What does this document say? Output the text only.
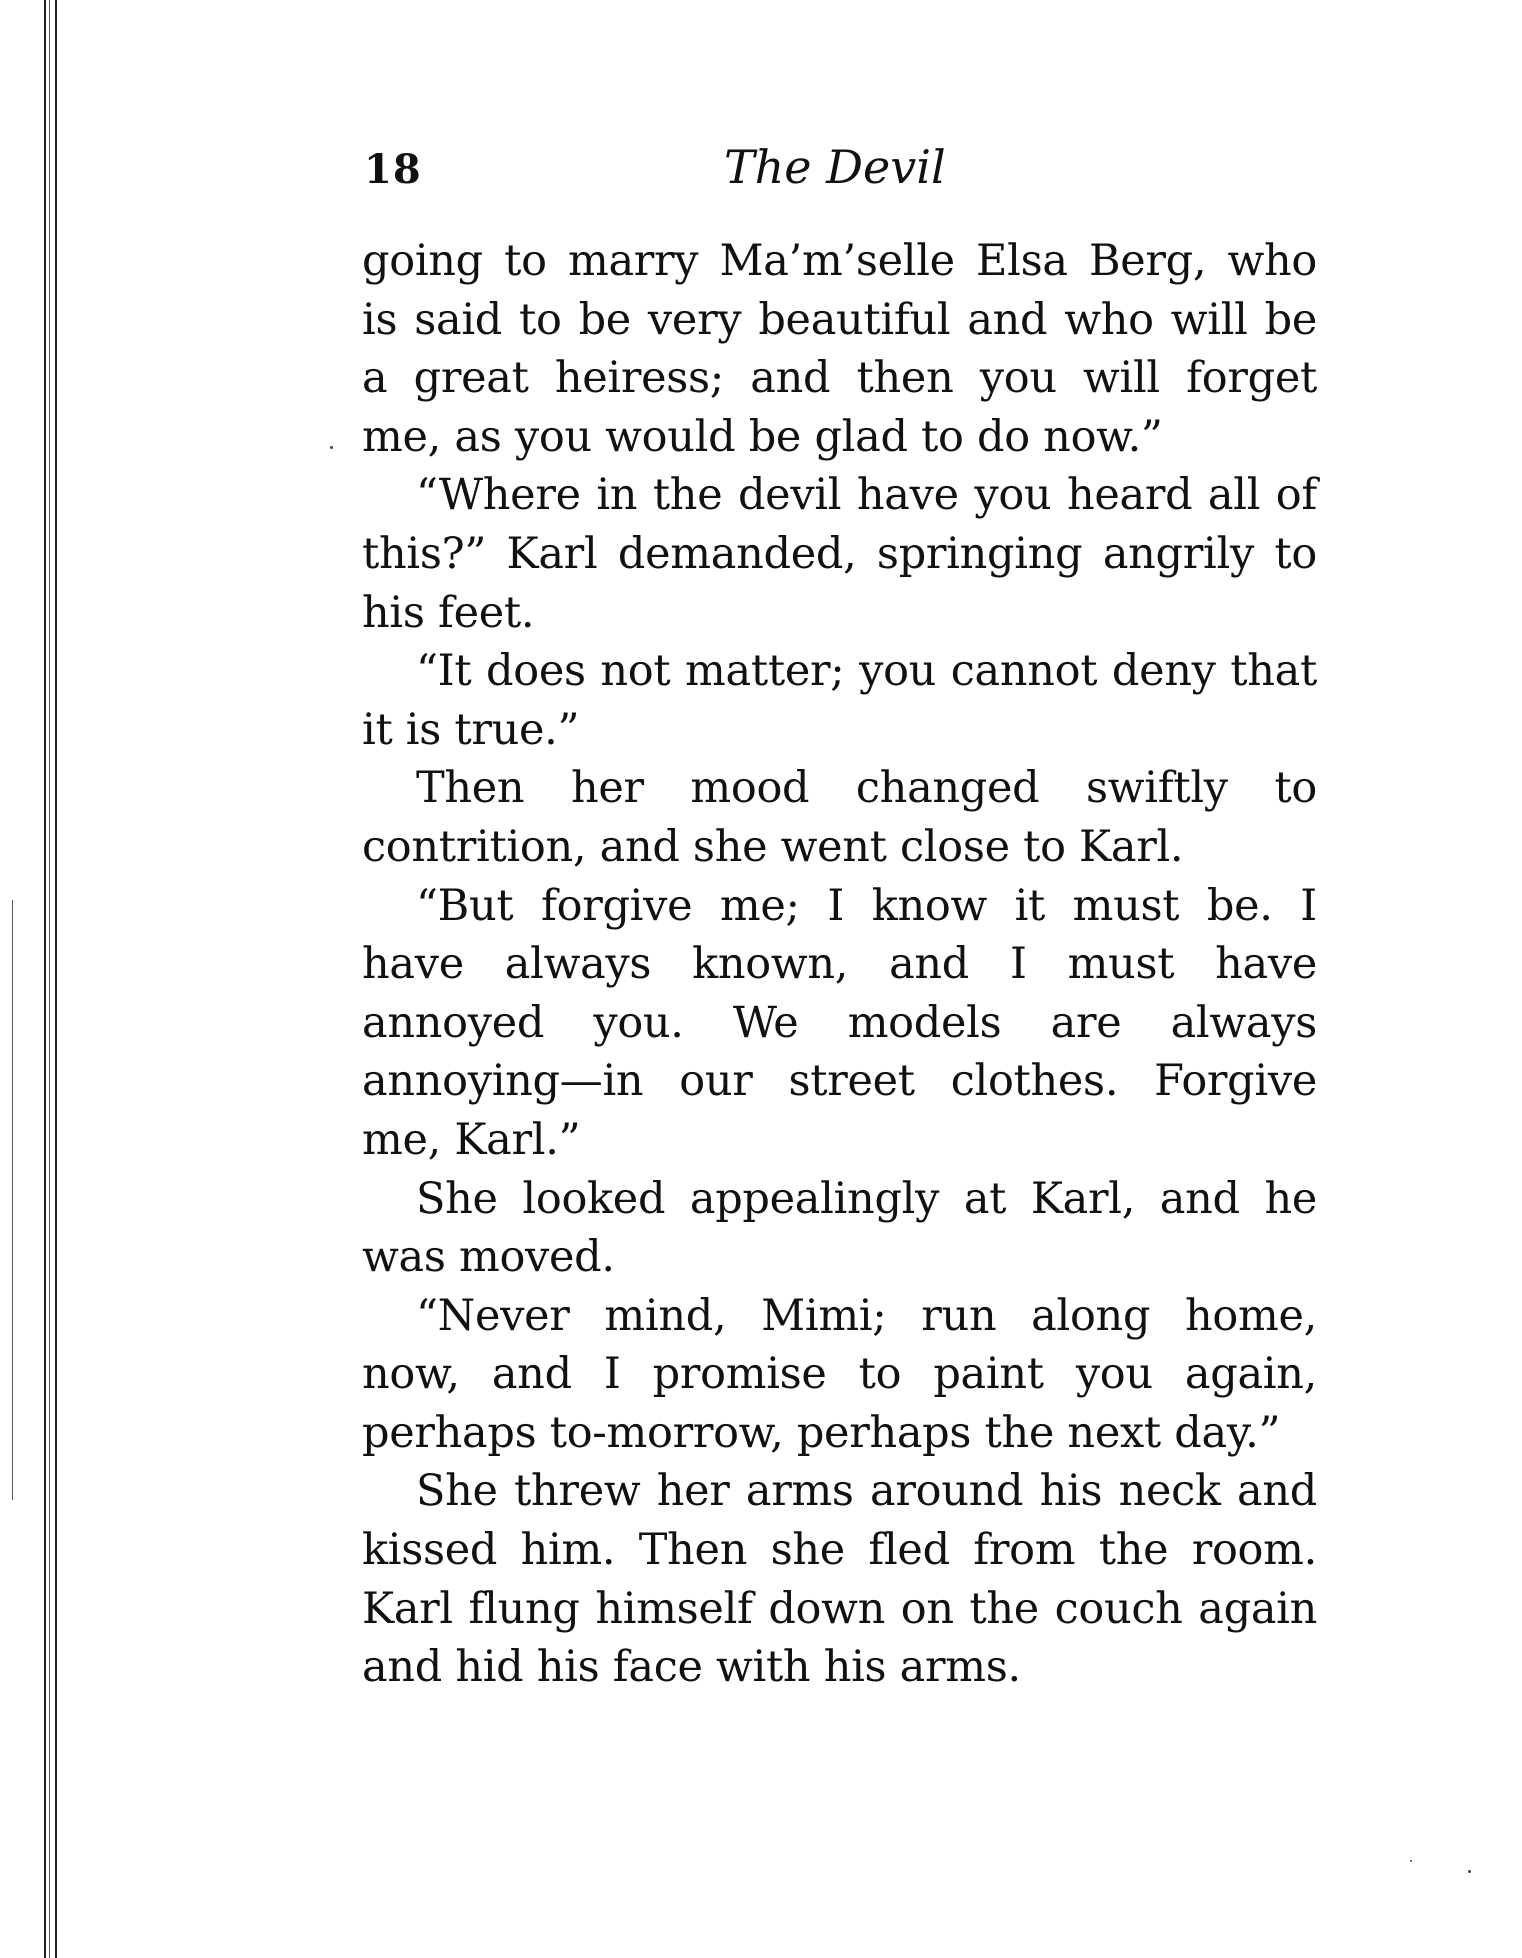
18	The Devil

going to marry Ma’m’selle Elsa Berg, who is said to be very beautiful and who will be a great heiress; and then you will forget me, as you would be glad to do now.”

“Where in the devil have you heard all of this?” Karl demanded, springing angrily to his feet.

“It does not matter; you cannot deny that it is true.”

Then her mood changed swiftly to contrition, and she went close to Karl.

“But forgive me; I know it must be. I have always known, and I must have annoyed you. We models are always annoying—in our street clothes. Forgive me, Karl.”

She looked appealingly at Karl, and he was moved.

“Never mind, Mimi; run along home, now, and I promise to paint you again, perhaps to-morrow, perhaps the next day.”

She threw her arms around his neck and kissed him. Then she fled from the room. Karl flung himself down on the couch again and hid his face with his arms.
